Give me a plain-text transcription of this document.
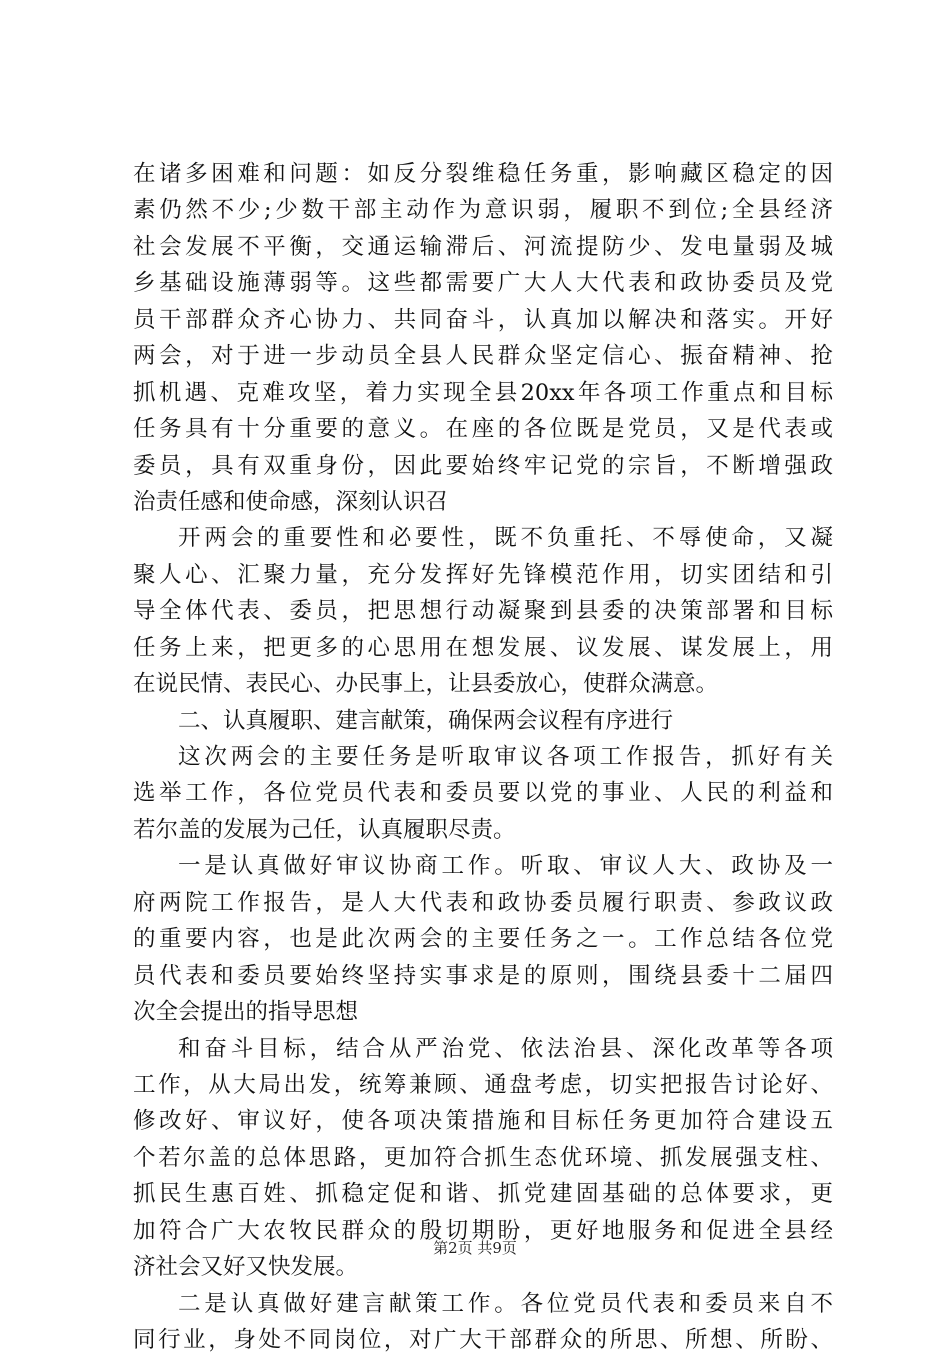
在诸多困难和问题：如反分裂维稳任务重，影响藏区稳定的因
素仍然不少;少数干部主动作为意识弱，履职不到位;全县经济
社会发展不平衡，交通运输滞后、河流提防少、发电量弱及城
乡基础设施薄弱等。这些都需要广大人大代表和政协委员及党
员干部群众齐心协力、共同奋斗，认真加以解决和落实。开好
两会，对于进一步动员全县人民群众坚定信心、振奋精神、抢
抓机遇、克难攻坚，着力实现全县20xx年各项工作重点和目标
任务具有十分重要的意义。在座的各位既是党员，又是代表或
委员，具有双重身份，因此要始终牢记党的宗旨，不断增强政
治责任感和使命感，深刻认识召
开两会的重要性和必要性，既不负重托、不辱使命，又凝
聚人心、汇聚力量，充分发挥好先锋模范作用，切实团结和引
导全体代表、委员，把思想行动凝聚到县委的决策部署和目标
任务上来，把更多的心思用在想发展、议发展、谋发展上，用
在说民情、表民心、办民事上，让县委放心，使群众满意。
二、认真履职、建言献策，确保两会议程有序进行
这次两会的主要任务是听取审议各项工作报告，抓好有关
选举工作，各位党员代表和委员要以党的事业、人民的利益和
若尔盖的发展为己任，认真履职尽责。
一是认真做好审议协商工作。听取、审议人大、政协及一
府两院工作报告，是人大代表和政协委员履行职责、参政议政
的重要内容，也是此次两会的主要任务之一。工作总结各位党
员代表和委员要始终坚持实事求是的原则，围绕县委十二届四
次全会提出的指导思想
和奋斗目标，结合从严治党、依法治县、深化改革等各项
工作，从大局出发，统筹兼顾、通盘考虑，切实把报告讨论好、
修改好、审议好，使各项决策措施和目标任务更加符合建设五
个若尔盖的总体思路，更加符合抓生态优环境、抓发展强支柱、
抓民生惠百姓、抓稳定促和谐、抓党建固基础的总体要求，更
加符合广大农牧民群众的殷切期盼，更好地服务和促进全县经
济社会又好又快发展。
二是认真做好建言献策工作。各位党员代表和委员来自不
同行业，身处不同岗位，对广大干部群众的所思、所想、所盼、
第2页 共9页
